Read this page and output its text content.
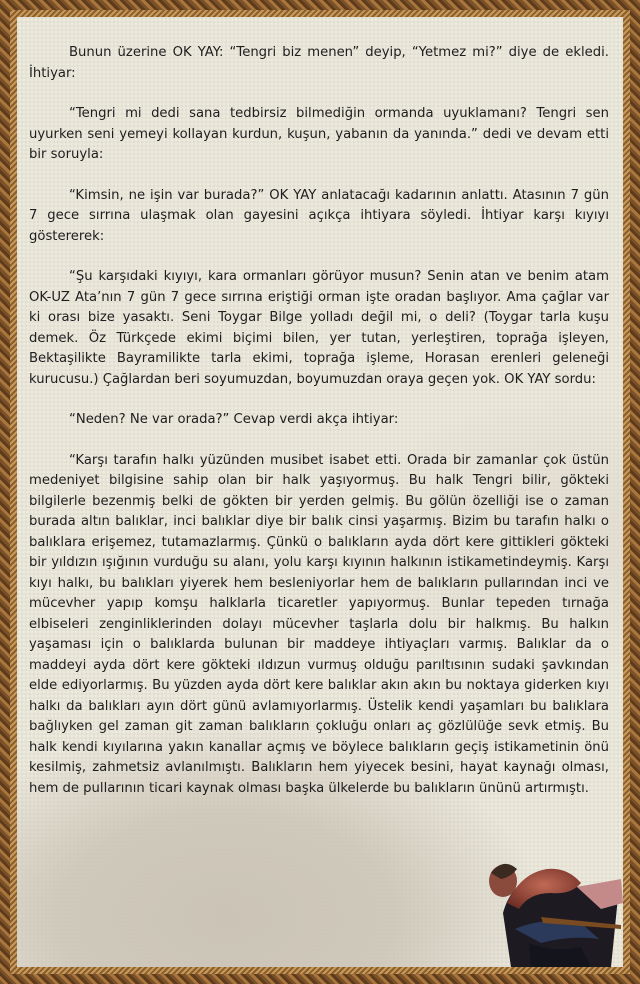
Bunun üzerine OK YAY: “Tengri biz menen” deyip, “Yetmez mi?” diye de ekledi. İhtiyar:

“Tengri mi dedi sana tedbirsiz bilmediğin ormanda uyuklamanı? Tengri sen uyurken seni yemeyi kollayan kurdun, kuşun, yabanın da yanında.” dedi ve devam etti bir soruyla:

“Kimsin, ne işin var burada?” OK YAY anlatacağı kadarının anlattı. Atasının 7 gün 7 gece sırrına ulaşmak olan gayesini açıkça ihtiyara söyledi. İhtiyar karşı kıyıyı göstererek:

“Şu karşıdaki kıyıyı, kara ormanları görüyor musun? Senin atan ve benim atam OK-UZ Ata’nın 7 gün 7 gece sırrına eriştiği orman işte oradan başlıyor. Ama çağlar var ki orası bize yasaktı. Seni Toygar Bilge yolladı değil mi, o deli? (Toygar tarla kuşu demek. Öz Türkçede ekimi biçimi bilen, yer tutan, yerleştiren, toprağa işleyen, Bektaşilikte Bayramilikte tarla ekimi, toprağa işleme, Horasan erenleri geleneği kurucusu.) Çağlardan beri soyumuzdan, boyumuzdan oraya geçen yok. OK YAY sordu:

“Neden? Ne var orada?” Cevap verdi akça ihtiyar:

“Karşı tarafın halkı yüzünden musibet isabet etti. Orada bir zamanlar çok üstün medeniyet bilgisine sahip olan bir halk yaşıyormuş. Bu halk Tengri bilir, gökteki bilgilerle bezenmiş belki de gökten bir yerden gelmiş. Bu gölün özelliği ise o zaman burada altın balıklar, inci balıklar diye bir balık cinsi yaşarmış. Bizim bu tarafın halkı o balıklara erişemez, tutamazlarmış. Çünkü o balıkların ayda dört kere gittikleri gökteki bir yıldızın ışığının vurduğu su alanı, yolu karşı kıyının halkının istikametindeymiş. Karşı kıyı halkı, bu balıkları yiyerek hem besleniyorlar hem de balıkların pullarından inci ve mücevher yapıp komşu halklarla ticaretler yapıyormuş. Bunlar tepeden tırnağa elbiseleri zenginliklerinden dolayı mücevher taşlarla dolu bir halkmış. Bu halkın yaşaması için o balıklarda bulunan bir maddeye ihtiyaçları varmış. Balıklar da o maddeyi ayda dört kere gökteki ıldızun vurmuş olduğu parıltısının sudaki şavkından elde ediyorlarmış. Bu yüzden ayda dört kere balıklar akın akın bu noktaya giderken kıyı halkı da balıkları ayın dört günü avlamıyorlarmış. Üstelik kendi yaşamları bu balıklara bağlıyken gel zaman git zaman balıkların çokluğu onları aç gözlülüğe sevk etmiş. Bu halk kendi kıyılarına yakın kanallar açmış ve böylece balıkların geçiş istikametinin önü kesilmiş, zahmetsiz avlanılmıştı. Balıkların hem yiyecek besini, hayat kaynağı olması, hem de pullarının ticari kaynak olması başka ülkelerde bu balıkların ününü artırmıştı.
